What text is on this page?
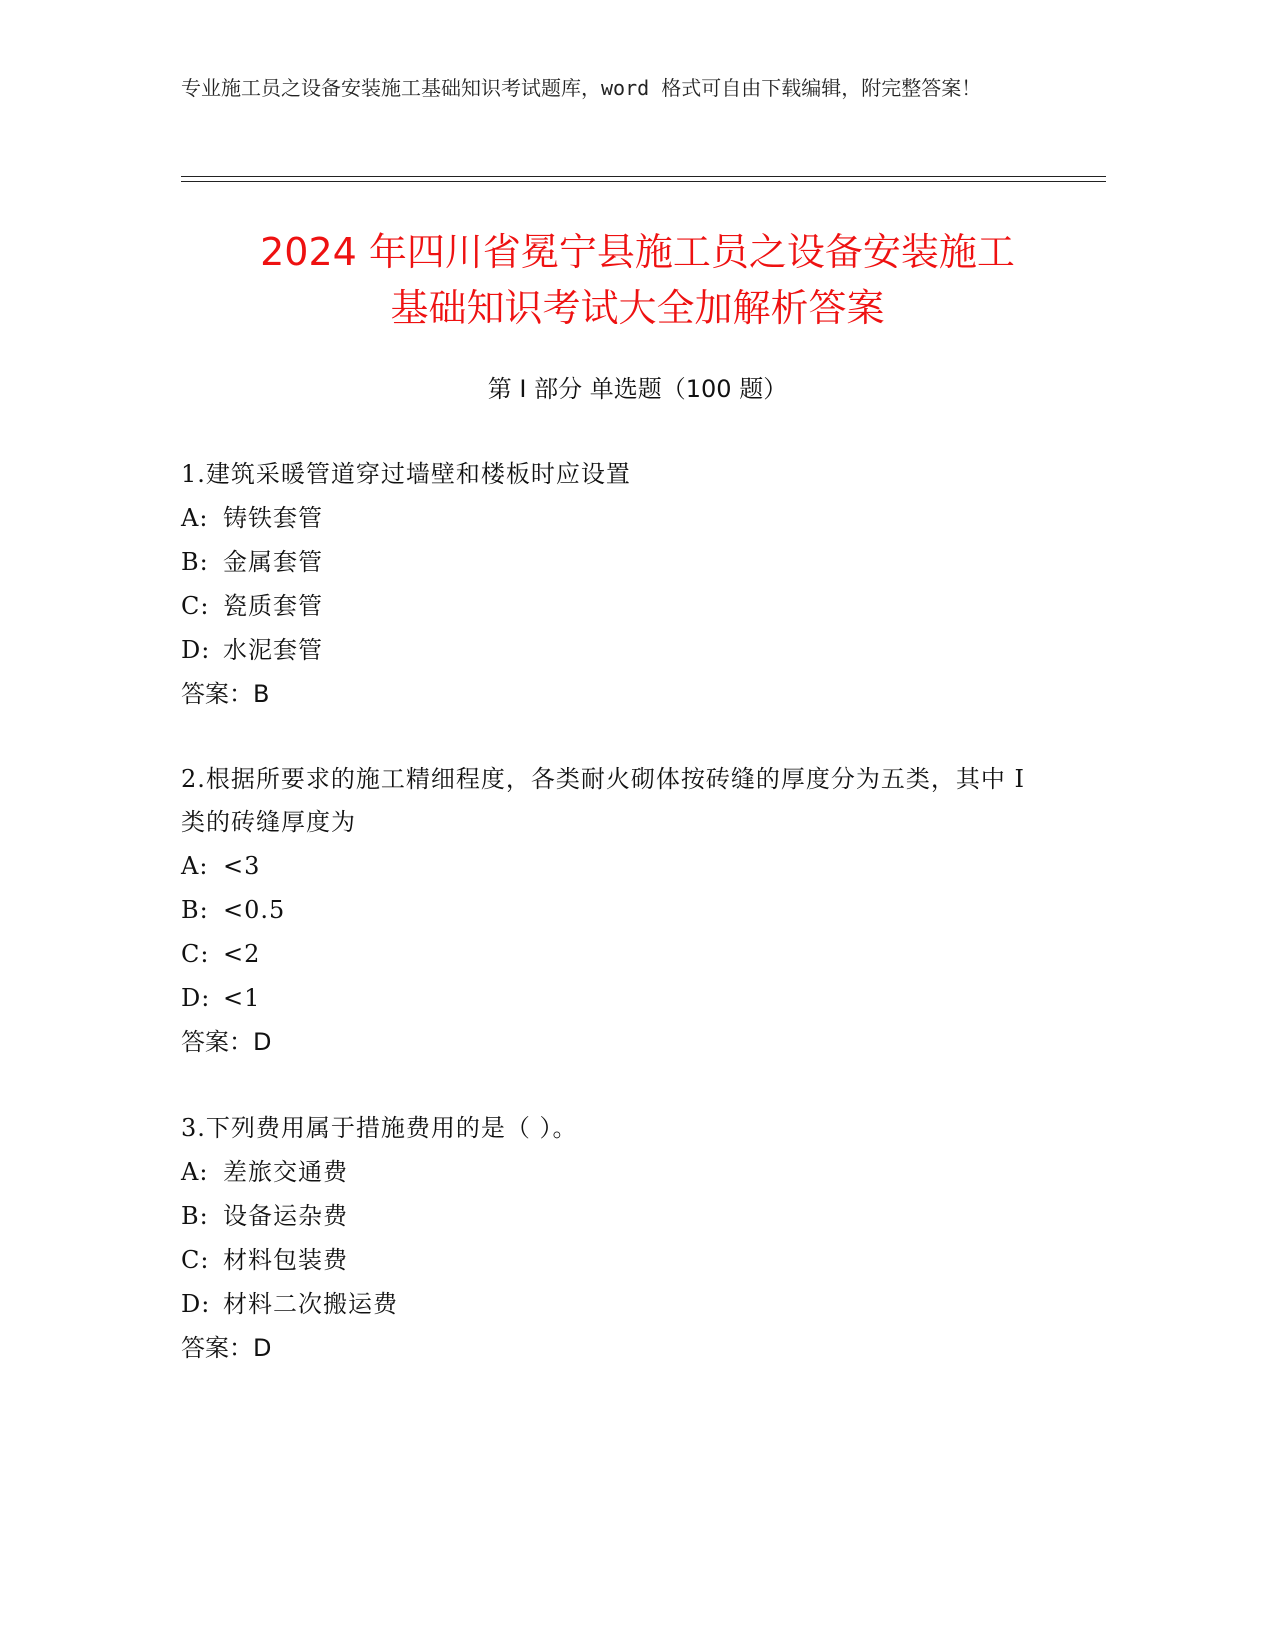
专业施工员之设备安装施工基础知识考试题库，word 格式可自由下载编辑，附完整答案！
2024 年四川省冕宁县施工员之设备安装施工
基础知识考试大全加解析答案
第 I 部分 单选题（100 题）
1.建筑采暖管道穿过墙壁和楼板时应设置
A: 铸铁套管
B: 金属套管
C: 瓷质套管
D: 水泥套管
答案：B
2.根据所要求的施工精细程度，各类耐火砌体按砖缝的厚度分为五类，其中 I 类的砖缝厚度为
A: <3
B: <0.5
C: <2
D: <1
答案：D
3.下列费用属于措施费用的是（ ）。
A: 差旅交通费
B: 设备运杂费
C: 材料包装费
D: 材料二次搬运费
答案：D
